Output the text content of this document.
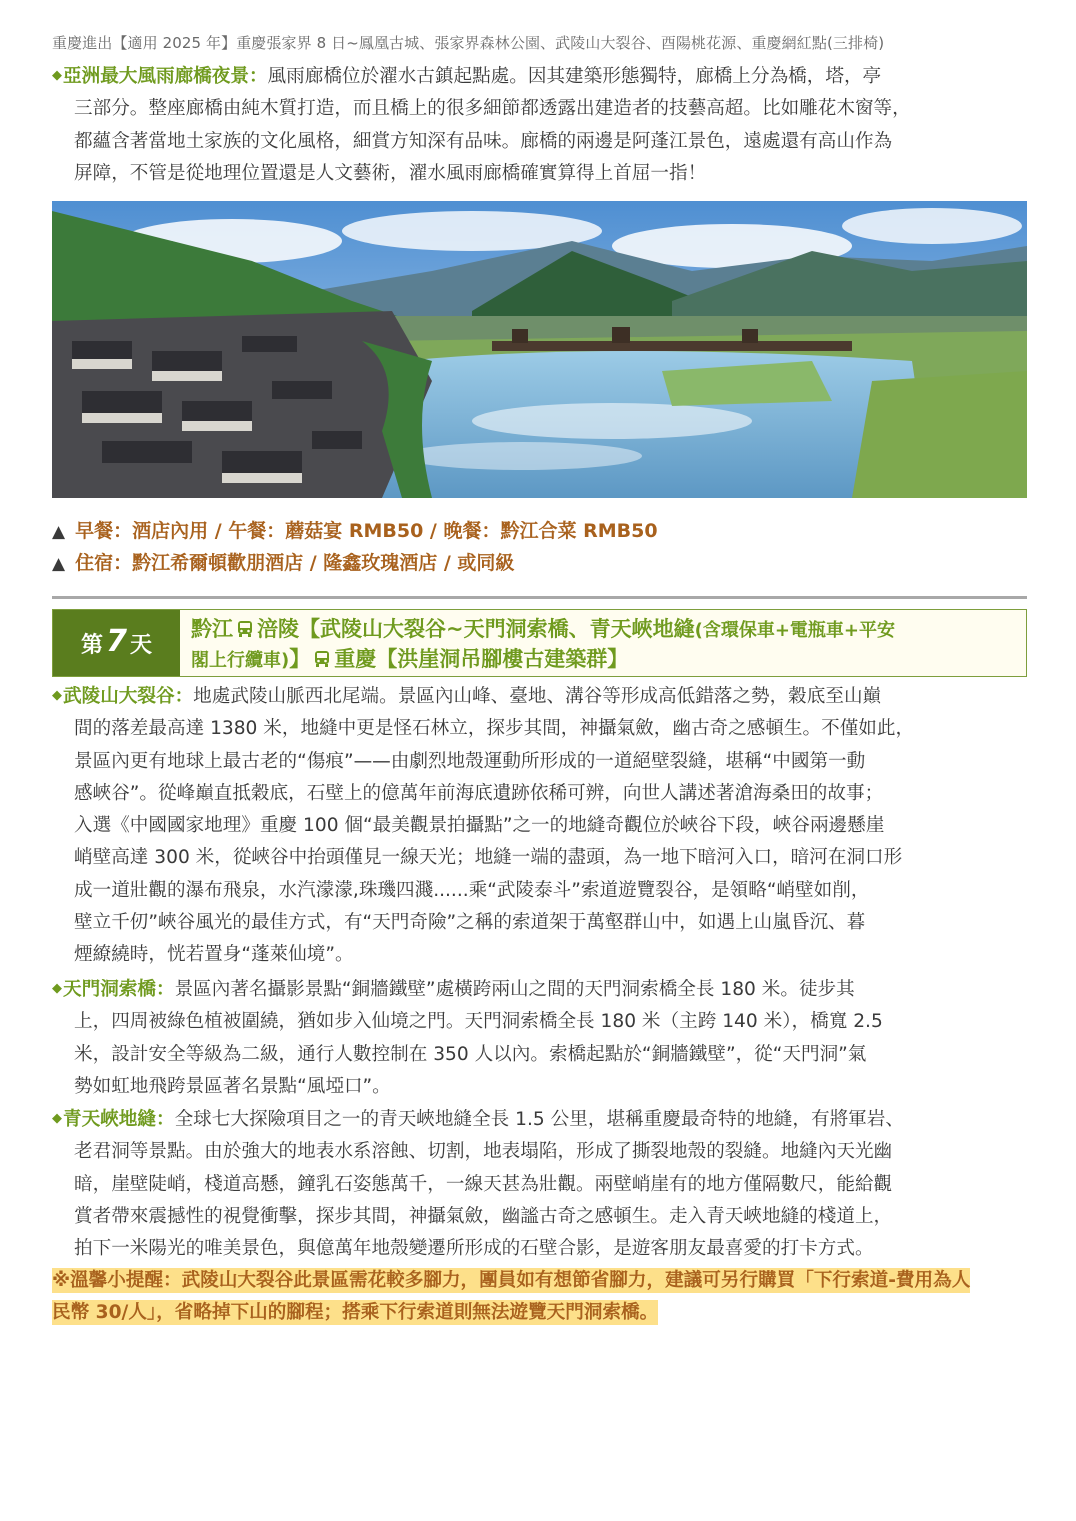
重慶進出【適用 2025 年】重慶張家界 8 日~鳳凰古城、張家界森林公園、武陵山大裂谷、酉陽桃花源、重慶網紅點(三排椅)
◆亞洲最大風雨廊橋夜景：風雨廊橋位於濯水古鎮起點處。因其建築形態獨特，廊橋上分為橋，塔，亭
三部分。整座廊橋由純木質打造，而且橋上的很多細節都透露出建造者的技藝高超。比如雕花木窗等，
都蘊含著當地土家族的文化風格，細賞方知深有品味。廊橋的兩邊是阿蓬江景色，遠處還有高山作為
屏障，不管是從地理位置還是人文藝術，濯水風雨廊橋確實算得上首屈一指！
▲ 早餐：酒店內用 / 午餐：蘑菇宴 RMB50 / 晚餐：黔江合菜 RMB50
▲ 住宿：黔江希爾頓歡朋酒店 / 隆鑫玫瑰酒店 / 或同級
第 7 天
黔江 涪陵【武陵山大裂谷~天門洞索橋、青天峽地縫(含環保車+電瓶車+平安
閣上行纜車)】 重慶【洪崖洞吊腳樓古建築群】
◆武陵山大裂谷：地處武陵山脈西北尾端。景區內山峰、臺地、溝谷等形成高低錯落之勢，穀底至山巔
間的落差最高達 1380 米，地縫中更是怪石林立，探步其間，神攝氣斂，幽古奇之感頓生。不僅如此，
景區內更有地球上最古老的“傷痕”——由劇烈地殼運動所形成的一道絕壁裂縫，堪稱“中國第一動
感峽谷”。從峰巔直抵穀底，石壁上的億萬年前海底遺跡依稀可辨，向世人講述著滄海桑田的故事；
入選《中國國家地理》重慶 100 個“最美觀景拍攝點”之一的地縫奇觀位於峽谷下段，峽谷兩邊懸崖
峭壁高達 300 米，從峽谷中抬頭僅見一線天光；地縫一端的盡頭，為一地下暗河入口，暗河在洞口形
成一道壯觀的瀑布飛泉，水汽濛濛,珠璣四濺......乘“武陵泰斗”索道遊覽裂谷，是領略“峭壁如削，
壁立千仞”峽谷風光的最佳方式，有“天門奇險”之稱的索道架于萬壑群山中，如遇上山嵐昏沉、暮
煙繚繞時，恍若置身“蓬萊仙境”。
◆天門洞索橋：景區內著名攝影景點“銅牆鐵壁”處橫跨兩山之間的天門洞索橋全長 180 米。徒步其
上，四周被綠色植被圍繞，猶如步入仙境之門。天門洞索橋全長 180 米（主跨 140 米），橋寬 2.5
米，設計安全等級為二級，通行人數控制在 350 人以內。索橋起點於“銅牆鐵壁”，從“天門洞”氣
勢如虹地飛跨景區著名景點“風埡口”。
◆青天峽地縫：全球七大探險項目之一的青天峽地縫全長 1.5 公里，堪稱重慶最奇特的地縫，有將軍岩、
老君洞等景點。由於強大的地表水系溶蝕、切割，地表塌陷，形成了撕裂地殼的裂縫。地縫內天光幽
暗，崖壁陡峭，棧道高懸，鐘乳石姿態萬千，一線天甚為壯觀。兩壁峭崖有的地方僅隔數尺，能給觀
賞者帶來震撼性的視覺衝擊，探步其間，神攝氣斂，幽謐古奇之感頓生。走入青天峽地縫的棧道上，
拍下一米陽光的唯美景色，與億萬年地殼變遷所形成的石壁合影，是遊客朋友最喜愛的打卡方式。
※溫馨小提醒：武陵山大裂谷此景區需花較多腳力，團員如有想節省腳力，建議可另行購買「下行索道-費用為人
民幣 30/人」，省略掉下山的腳程；搭乘下行索道則無法遊覽天門洞索橋。
